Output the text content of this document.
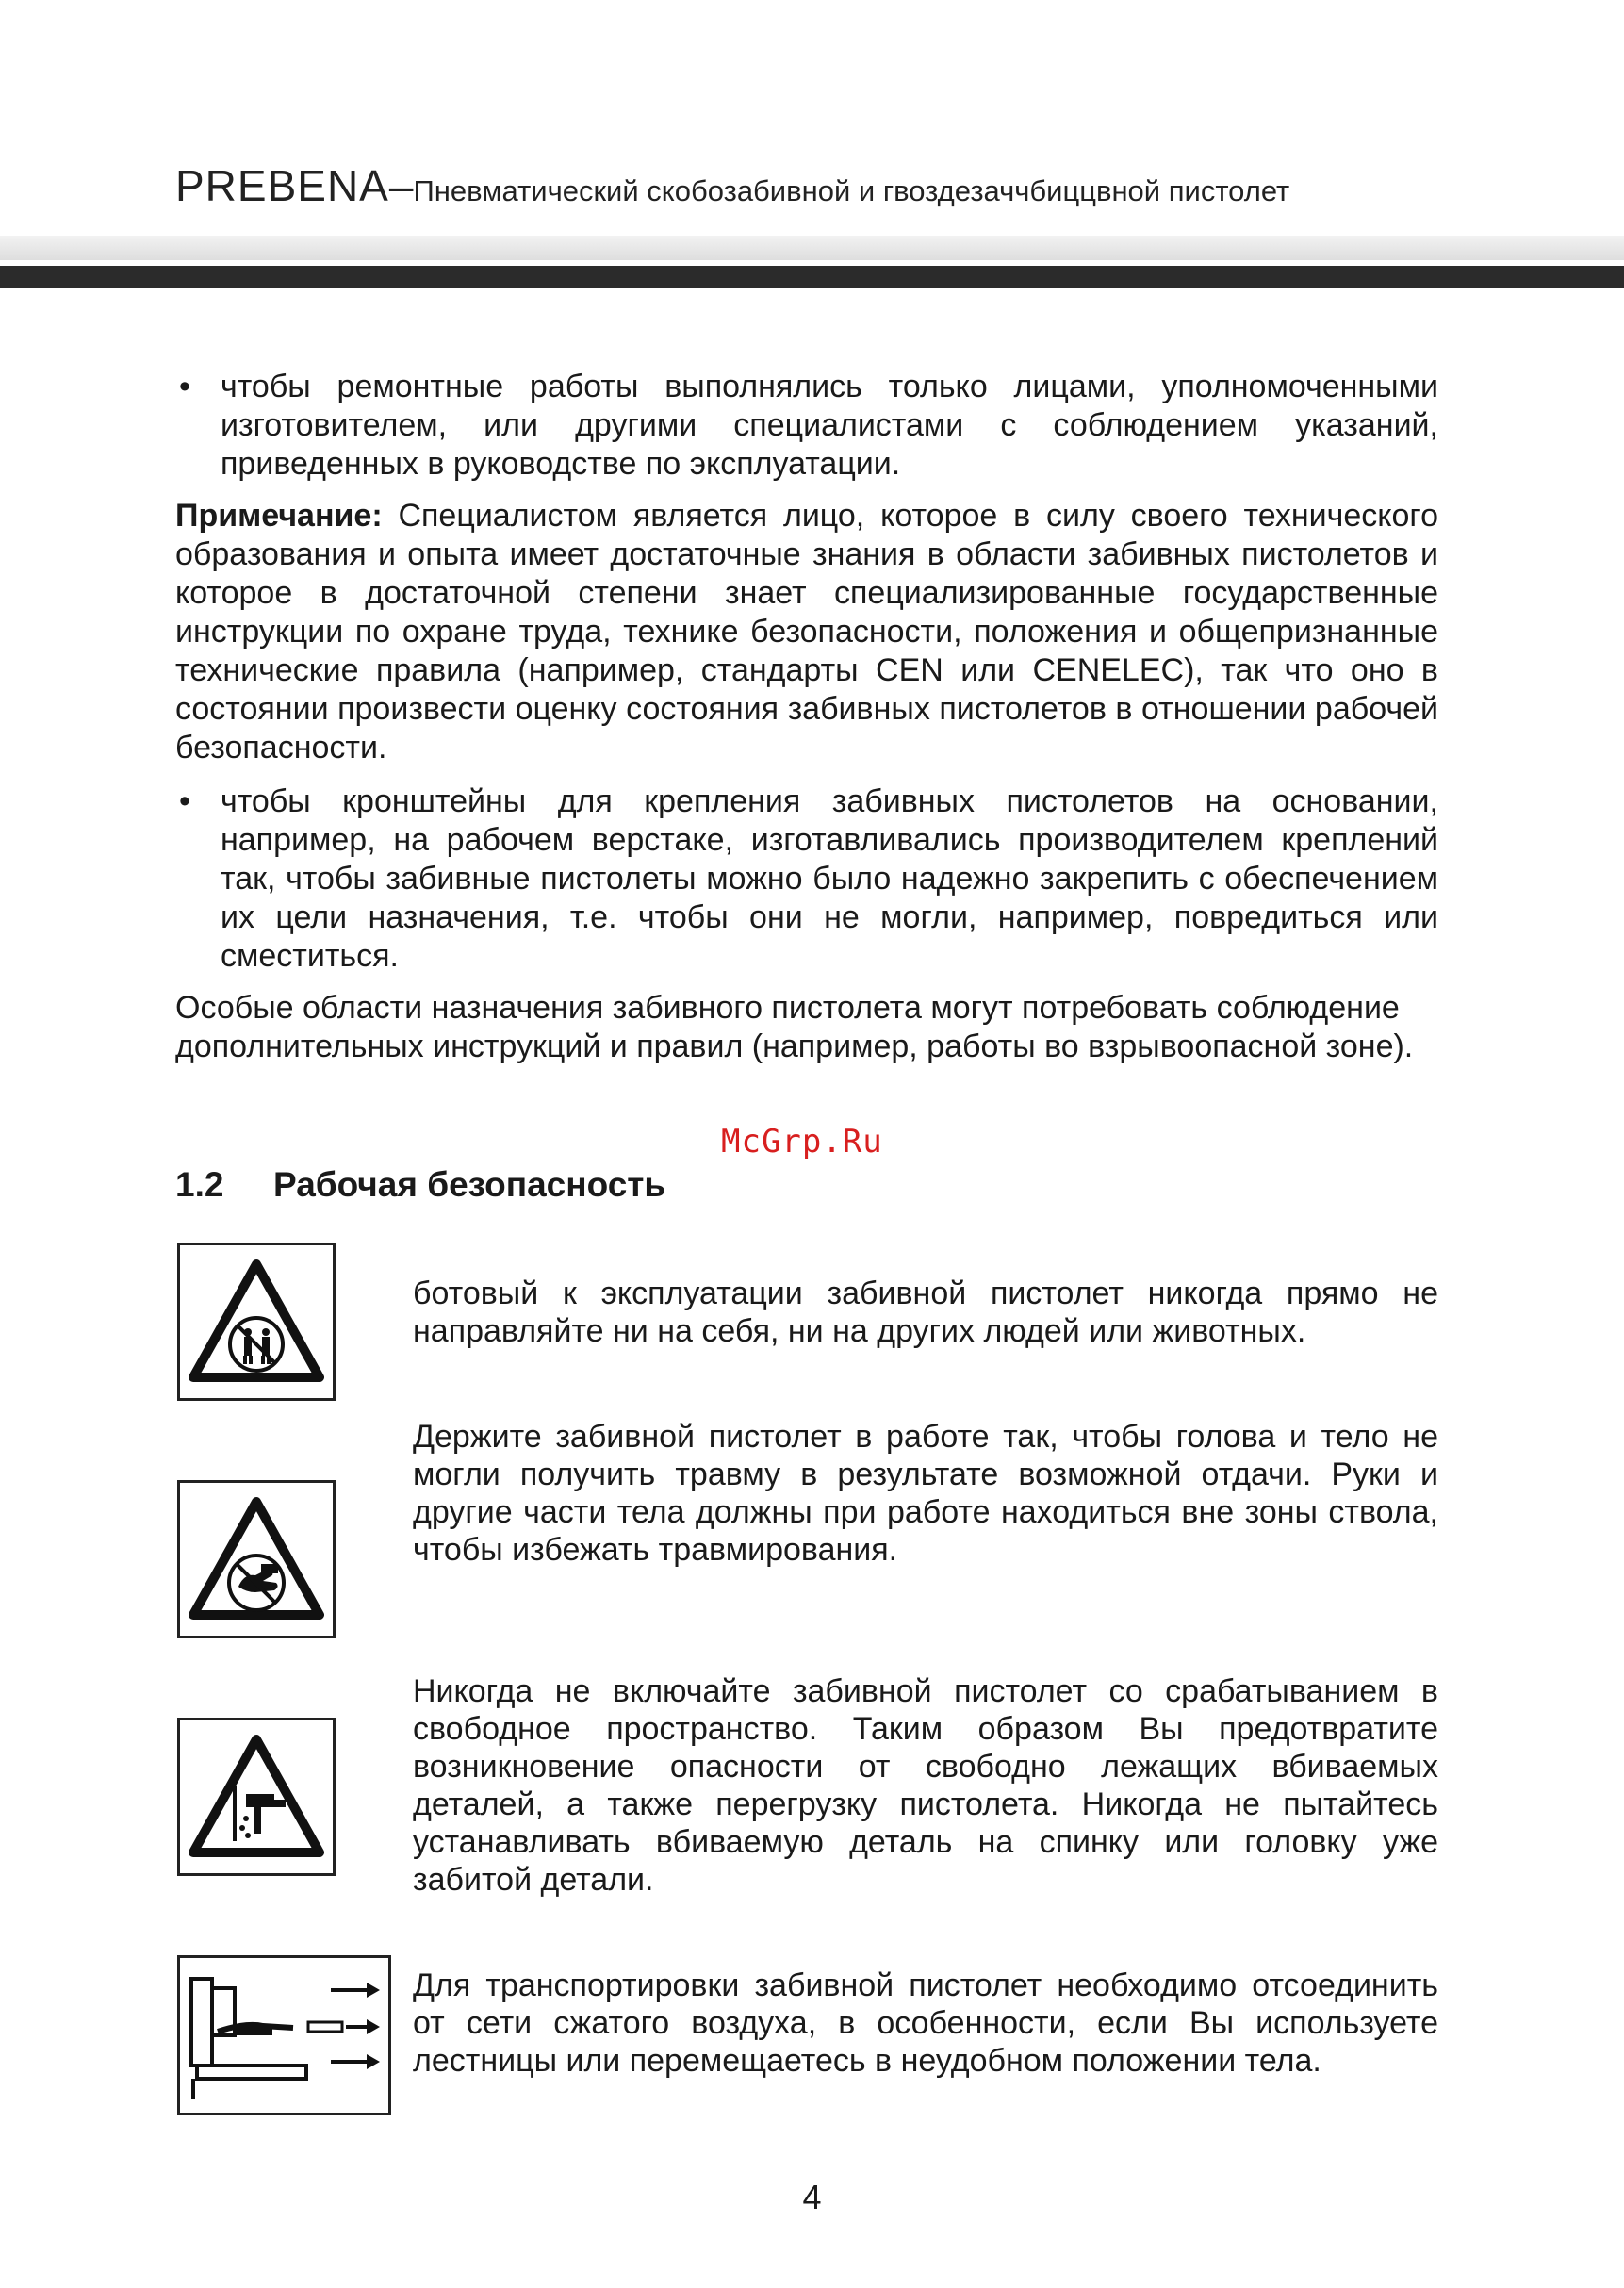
PREBENA–Пневматический скобозабивной и гвоздезаччбиццвной пистолет
• чтобы ремонтные работы выполнялись только лицами, уполномоченными изготовителем, или другими специалистами с соблюдением указаний, приведенных в руководстве по эксплуатации.

Примечание: Специалистом является лицо, которое в силу своего технического образования и опыта имеет достаточные знания в области забивных пистолетов и которое в достаточной степени знает специализированные государственные инструкции по охране труда, технике безопасности, положения и общепризнанные технические правила (например, стандарты CEN или CENELEC), так что оно в состоянии произвести оценку состояния забивных пистолетов в отношении рабочей безопасности.

• чтобы кронштейны для крепления забивных пистолетов на основании, например, на рабочем верстаке, изготавливались производителем креплений так, чтобы забивные пистолеты можно было надежно закрепить с обеспечением их цели назначения, т.е. чтобы они не могли, например, повредиться или сместиться.

Особые области назначения забивного пистолета могут потребовать соблюдение дополнительных инструкций и правил (например, работы во взрывоопасной зоне).

McGrp.Ru
1.2 Рабочая безопасность
ботовый к эксплуатации забивной пистолет никогда прямо не направляйте ни на себя, ни на других людей или животных.
Держите забивной пистолет в работе так, чтобы голова и тело не могли получить травму в результате возможной отдачи. Руки и другие части тела должны при работе находиться вне зоны ствола, чтобы избежать травмирования.
Никогда не включайте забивной пистолет со срабатыванием в свободное пространство. Таким образом Вы предотвратите возникновение опасности от свободно лежащих вбиваемых деталей, а также перегрузку пистолета. Никогда не пытайтесь устанавливать вбиваемую деталь на спинку или головку уже забитой детали.
Для транспортировки забивной пистолет необходимо отсоединить от сети сжатого воздуха, в особенности, если Вы используете лестницы или перемещаетесь в неудобном положении тела.
4
